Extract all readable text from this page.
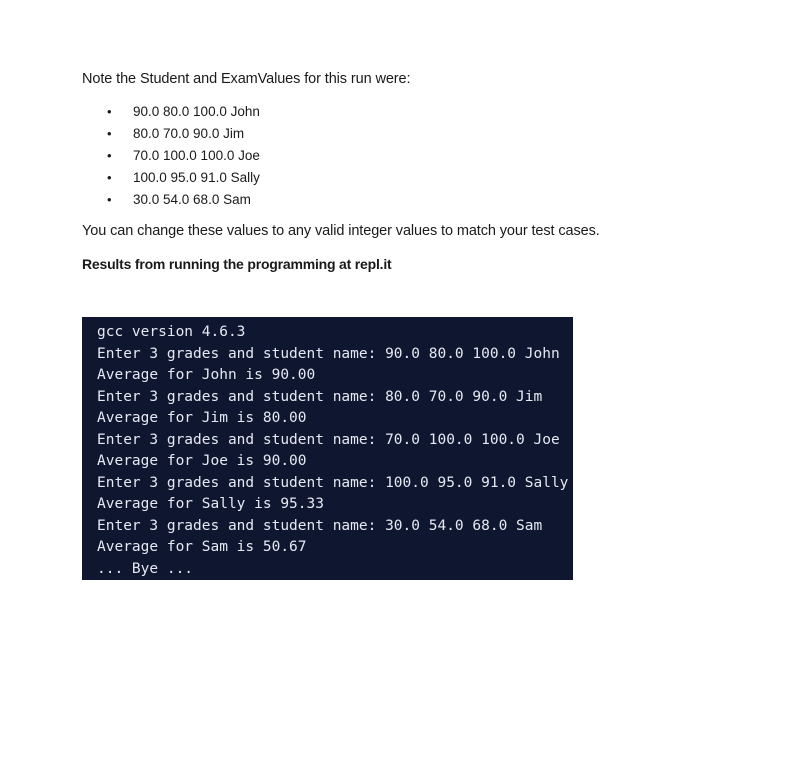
Note the Student and ExamValues for this run were:

• 90.0 80.0 100.0 John
• 80.0 70.0 90.0 Jim
• 70.0 100.0 100.0 Joe
• 100.0 95.0 91.0 Sally
• 30.0 54.0 68.0 Sam

You can change these values to any valid integer values to match your test cases.

Results from running the programming at repl.it

gcc version 4.6.3
Enter 3 grades and student name: 90.0 80.0 100.0 John
Average for John is 90.00
Enter 3 grades and student name: 80.0 70.0 90.0 Jim
Average for Jim is 80.00
Enter 3 grades and student name: 70.0 100.0 100.0 Joe
Average for Joe is 90.00
Enter 3 grades and student name: 100.0 95.0 91.0 Sally
Average for Sally is 95.33
Enter 3 grades and student name: 30.0 54.0 68.0 Sam
Average for Sam is 50.67
... Bye ...
